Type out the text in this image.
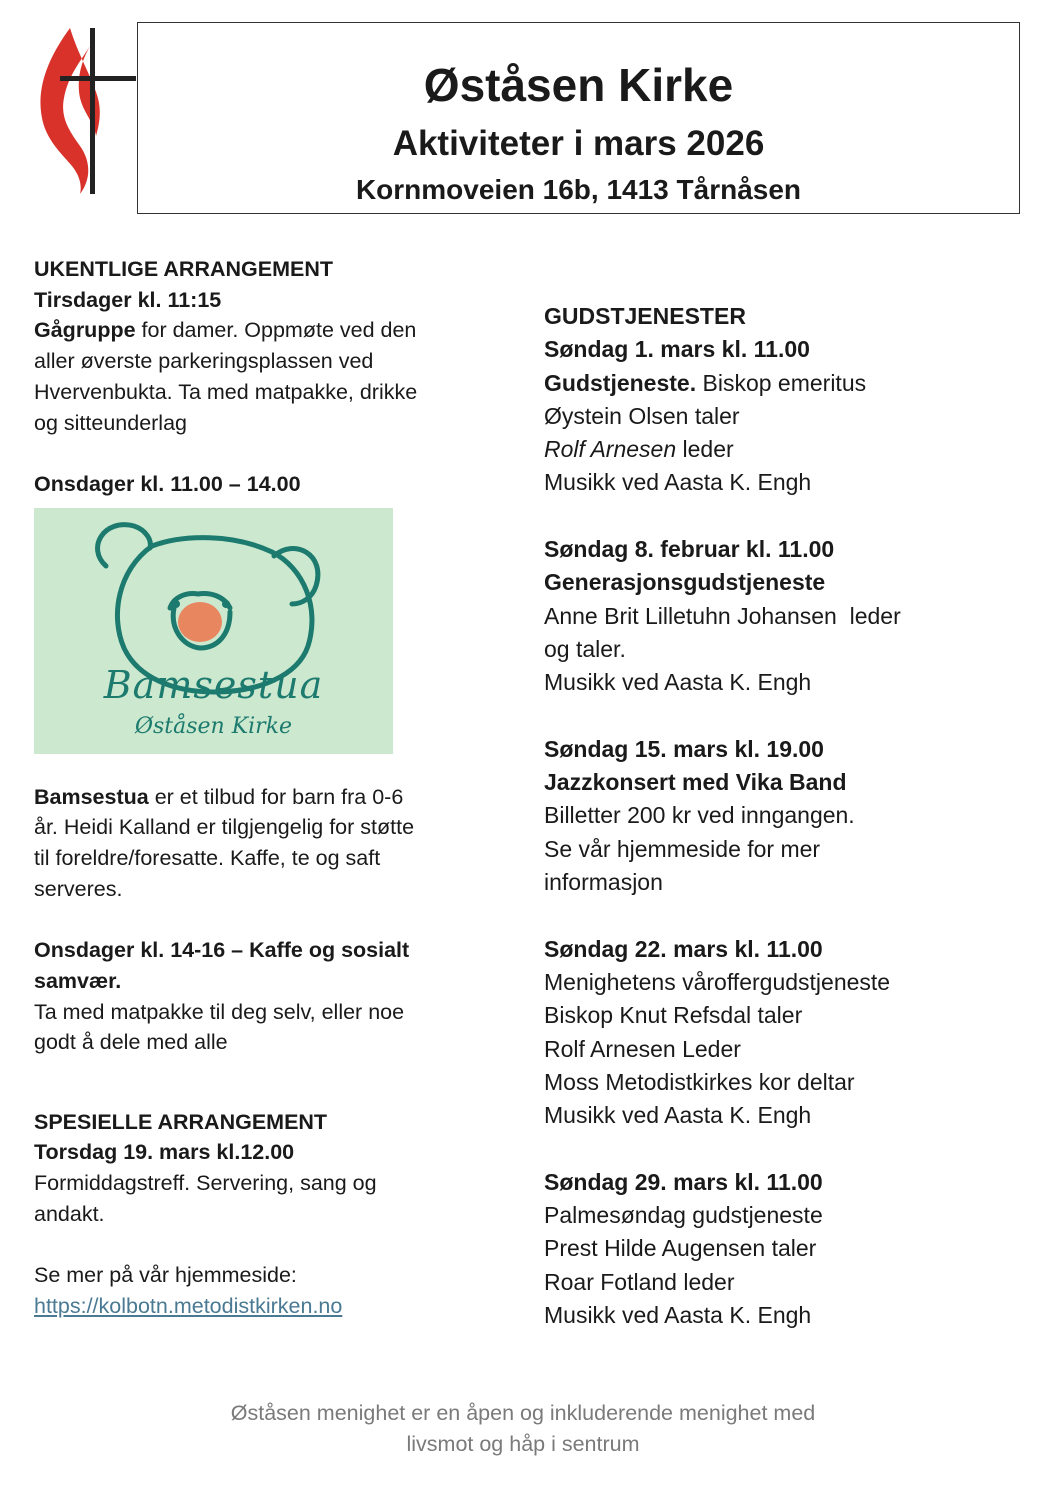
Øståsen Kirke
Aktiviteter i mars 2026
Kornmoveien 16b, 1413 Tårnåsen
UKENTLIGE ARRANGEMENT
Tirsdager kl. 11:15
Gågruppe for damer. Oppmøte ved den
aller øverste parkeringsplassen ved
Hvervenbukta. Ta med matpakke, drikke
og sitteunderlag
Onsdager kl. 11.00 – 14.00

Bamsestua

Øståsen Kirke

Bamsestua er et tilbud for barn fra 0-6
år. Heidi Kalland er tilgjengelig for støtte
til foreldre/foresatte. Kaffe, te og saft
serveres.
Onsdager kl. 14-16 – Kaffe og sosialt
samvær.
Ta med matpakke til deg selv, eller noe
godt å dele med alle
SPESIELLE ARRANGEMENT
Torsdag 19. mars kl.12.00
Formiddagstreff. Servering, sang og
andakt.
Se mer på vår hjemmeside:
https://kolbotn.metodistkirken.no
GUDSTJENESTER
Søndag 1. mars kl. 11.00
Gudstjeneste. Biskop emeritus
Øystein Olsen taler
Rolf Arnesen leder
Musikk ved Aasta K. Engh
Søndag 8. februar kl. 11.00
Generasjonsgudstjeneste
Anne Brit Lilletuhn Johansen  leder
og taler.
Musikk ved Aasta K. Engh
Søndag 15. mars kl. 19.00
Jazzkonsert med Vika Band
Billetter 200 kr ved inngangen.
Se vår hjemmeside for mer
informasjon
Søndag 22. mars kl. 11.00
Menighetens våroffergudstjeneste
Biskop Knut Refsdal taler
Rolf Arnesen Leder
Moss Metodistkirkes kor deltar
Musikk ved Aasta K. Engh
Søndag 29. mars kl. 11.00
Palmesøndag gudstjeneste
Prest Hilde Augensen taler
Roar Fotland leder
Musikk ved Aasta K. Engh
Øståsen menighet er en åpen og inkluderende menighet med
livsmot og håp i sentrum
